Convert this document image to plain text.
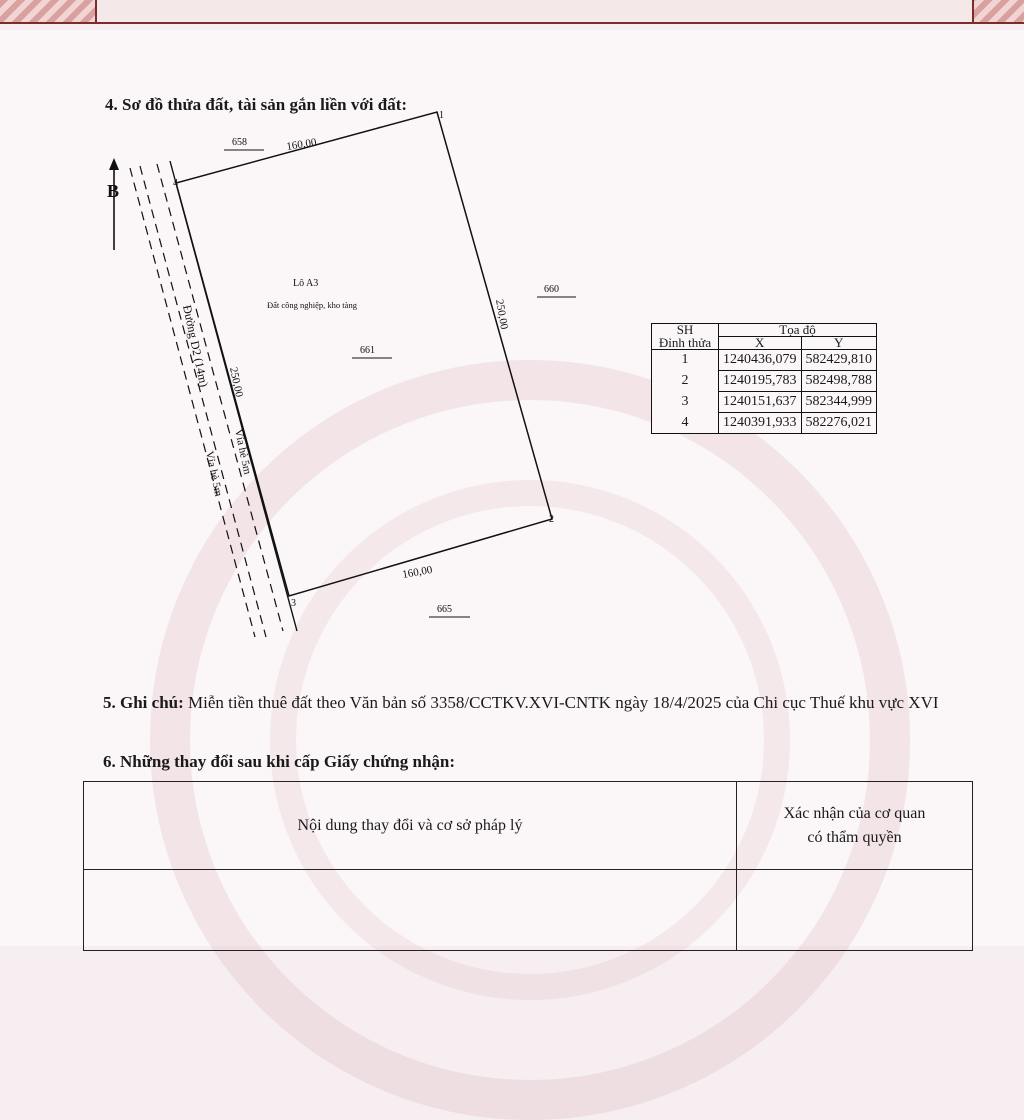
4. Sơ đồ thửa đất, tài sản gắn liền với đất:
B
1
2
3
4
160,00
160,00
250,00
250,00
658
660
665
Lô A3
Đất công nghiệp, kho tàng
661
Đường D2 (14m)
Vỉa hè 5m
Vỉa hè 5m
SH	Tọa độ	
Đỉnh thửa	X	Y
1	1240436,079	582429,810
2	1240195,783	582498,788
3	1240151,637	582344,999
4	1240391,933	582276,021
5. Ghi chú: Miễn tiền thuê đất theo Văn bản số 3358/CCTKV.XVI-CNTK ngày 18/4/2025 của Chi cục Thuế khu vực XVI
6. Những thay đổi sau khi cấp Giấy chứng nhận:
Nội dung thay đổi và cơ sở pháp lý	Xác nhận của cơ quan
có thẩm quyền
